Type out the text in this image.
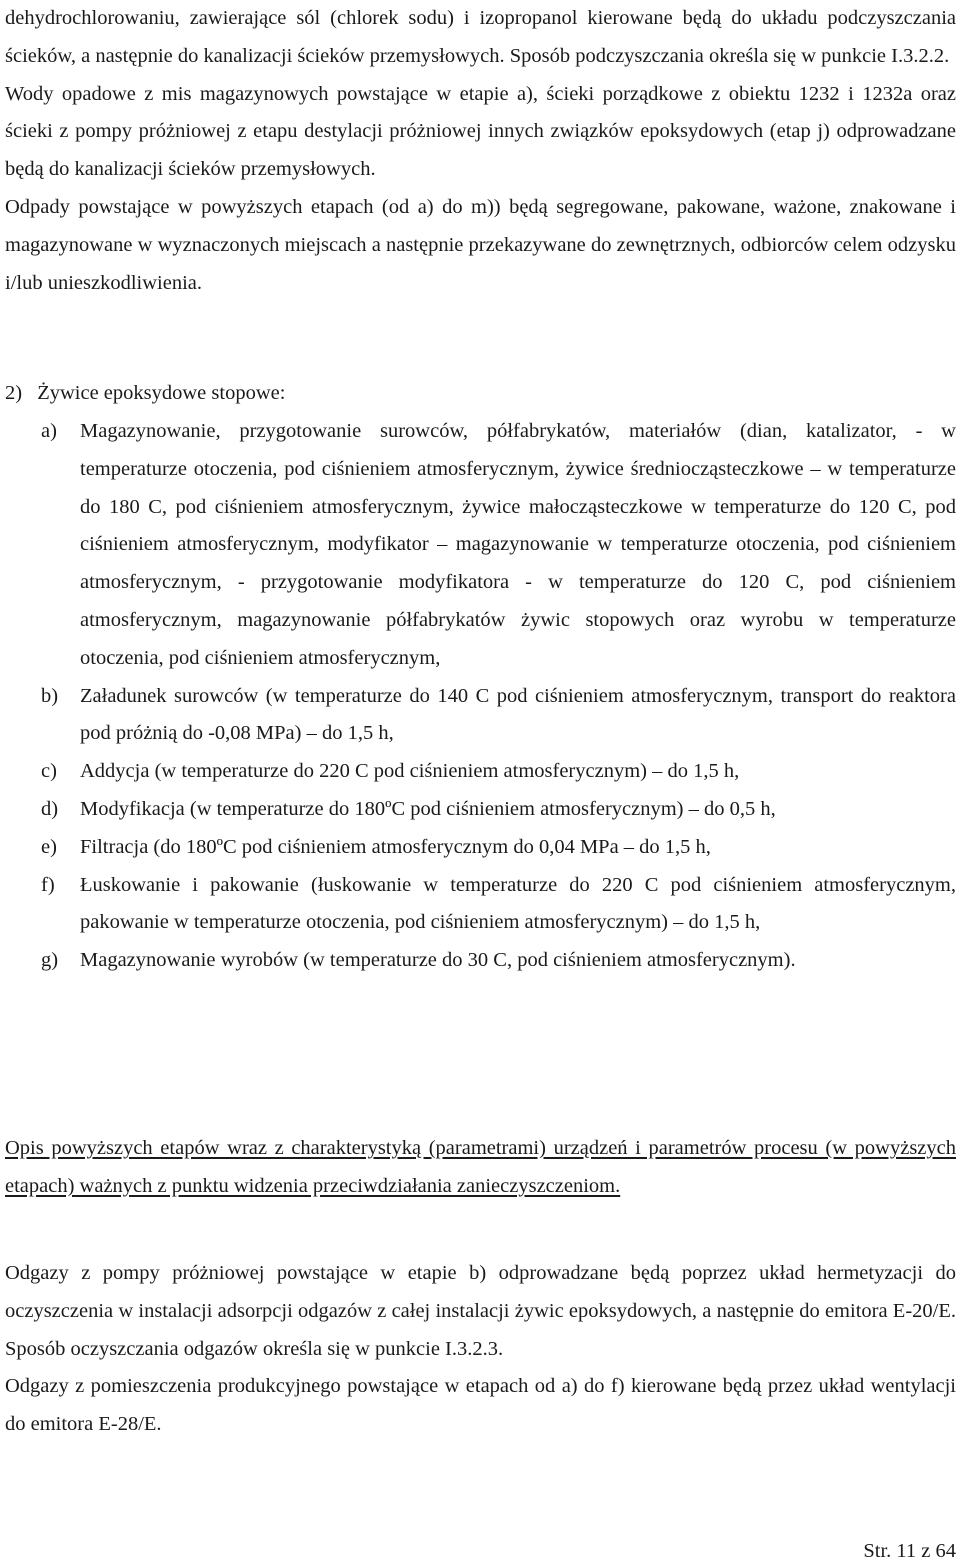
dehydrochlorowaniu, zawierające sól (chlorek sodu) i izopropanol kierowane będą do układu podczyszczania ścieków, a następnie do kanalizacji ścieków przemysłowych. Sposób podczyszczania określa się w punkcie I.3.2.2.

Wody opadowe z mis magazynowych powstające w etapie a), ścieki porządkowe z obiektu 1232 i 1232a oraz ścieki z pompy próżniowej z etapu destylacji próżniowej innych związków epoksydowych (etap j) odprowadzane będą do kanalizacji ścieków przemysłowych.

Odpady powstające w powyższych etapach (od a) do m)) będą segregowane, pakowane, ważone, znakowane i magazynowane w wyznaczonych miejscach a następnie przekazywane do zewnętrznych, odbiorców celem odzysku i/lub unieszkodliwienia.

2) Żywice epoksydowe stopowe:
a) Magazynowanie, przygotowanie surowców, półfabrykatów, materiałów (dian, katalizator, - w temperaturze otoczenia, pod ciśnieniem atmosferycznym, żywice średniocząsteczkowe – w temperaturze do 180 C, pod ciśnieniem atmosferycznym, żywice małocząsteczkowe w temperaturze do 120 C, pod ciśnieniem atmosferycznym, modyfikator – magazynowanie w temperaturze otoczenia, pod ciśnieniem atmosferycznym, - przygotowanie modyfikatora - w temperaturze do 120 C, pod ciśnieniem atmosferycznym, magazynowanie półfabrykatów żywic stopowych oraz wyrobu w temperaturze otoczenia, pod ciśnieniem atmosferycznym,
b) Załadunek surowców (w temperaturze do 140 C pod ciśnieniem atmosferycznym, transport do reaktora pod próżnią do -0,08 MPa) – do 1,5 h,
c) Addycja (w temperaturze do 220 C pod ciśnieniem atmosferycznym) – do 1,5 h,
d) Modyfikacja (w temperaturze do 180ºC pod ciśnieniem atmosferycznym) – do 0,5 h,
e) Filtracja (do 180ºC pod ciśnieniem atmosferycznym do 0,04 MPa – do 1,5 h,
f) Łuskowanie i pakowanie (łuskowanie w temperaturze do 220 C pod ciśnieniem atmosferycznym, pakowanie w temperaturze otoczenia, pod ciśnieniem atmosferycznym) – do 1,5 h,
g) Magazynowanie wyrobów (w temperaturze do 30 C, pod ciśnieniem atmosferycznym).

Opis powyższych etapów wraz z charakterystyką (parametrami) urządzeń i parametrów procesu (w powyższych etapach) ważnych z punktu widzenia przeciwdziałania zanieczyszczeniom.

Odgazy z pompy próżniowej powstające w etapie b) odprowadzane będą poprzez układ hermetyzacji do oczyszczenia w instalacji adsorpcji odgazów z całej instalacji żywic epoksydowych, a następnie do emitora E-20/E. Sposób oczyszczania odgazów określa się w punkcie I.3.2.3.

Odgazy z pomieszczenia produkcyjnego powstające w etapach od a) do f) kierowane będą przez układ wentylacji do emitora E-28/E.

Str. 11 z 64
